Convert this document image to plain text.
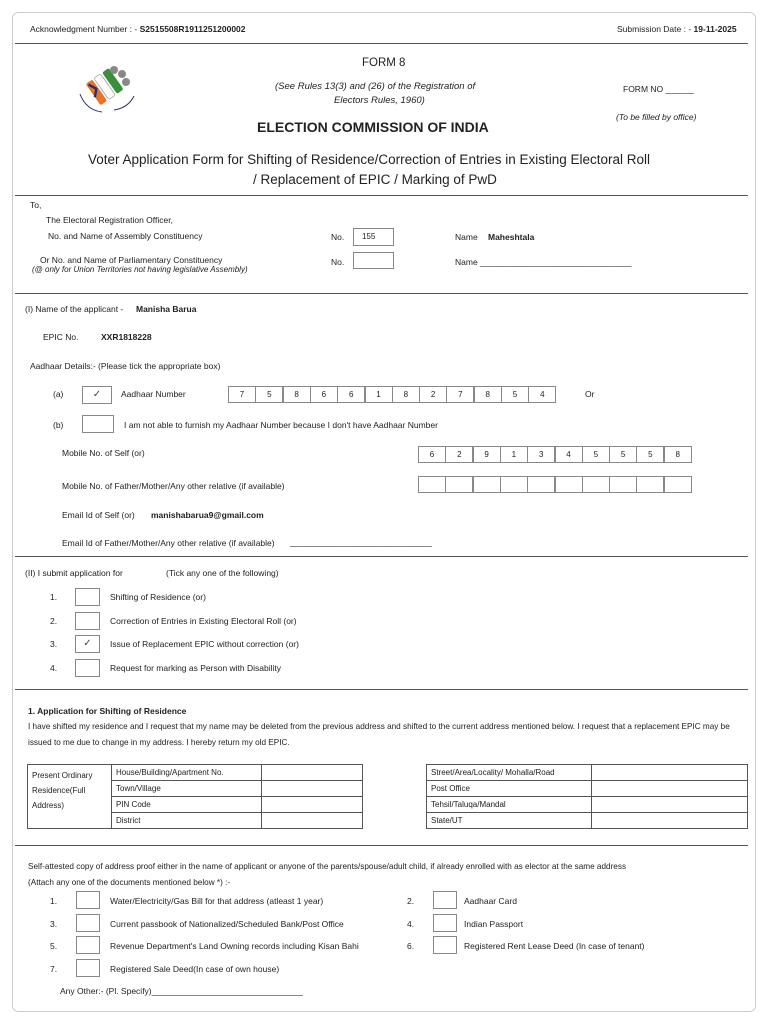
Acknowledgment Number : - S2515508R1911251200002	Submission Date : - 19-11-2025
FORM 8
(See Rules 13(3) and (26) of the Registration of
Electors Rules, 1960)
ELECTION COMMISSION OF INDIA
FORM NO ______
(To be filled by office)
Voter Application Form for Shifting of Residence/Correction of Entries in Existing Electoral Roll
/ Replacement of EPIC / Marking of PwD
To,
The Electoral Registration Officer,
No. and Name of Assembly Constituency
Or No. and Name of Parliamentary Constituency
(@ only for Union Territories not having legislative Assembly)
No.	155	Name Maheshtala
No.	Name ________________________________
(I) Name of the applicant - Manisha Barua
EPIC No.	XXR1818228
Aadhaar Details:- (Please tick the appropriate box)
(a)	✓	Aadhaar Number	7	5	8	6	6	1	8	2	7	8	5	4	Or
(b)	I am not able to furnish my Aadhaar Number because I don't have Aadhaar Number
Mobile No. of Self (or)	6	2	9	1	3	4	5	5	5	8
Mobile No. of Father/Mother/Any other relative (if available)
Email Id of Self (or) manishabarua9@gmail.com
Email Id of Father/Mother/Any other relative (if available) ______________________________
(II) I submit application for	(Tick any one of the following)
1.	Shifting of Residence (or)
2.	Correction of Entries in Existing Electoral Roll (or)
3.	✓	Issue of Replacement EPIC without correction (or)
4.	Request for marking as Person with Disability
1. Application for Shifting of Residence
I have shifted my residence and I request that my name may be deleted from the previous address and shifted to the current address mentioned below. I request that a replacement EPIC may be
issued to me due to change in my address. I hereby return my old EPIC.
Present Ordinary
Residence(Full
Address)	House/Building/Apartment No.	
	Town/Village	
	PIN Code	
	District	
Street/Area/Locality/ Mohalla/Road	
Post Office	
Tehsil/Taluqa/Mandal	
State/UT	
Self-attested copy of address proof either in the name of applicant or anyone of the parents/spouse/adult child, if already enrolled with as elector at the same address
(Attach any one of the documents mentioned below *) :-
1.	Water/Electricity/Gas Bill for that address (atleast 1 year)	2.	Aadhaar Card
3.	Current passbook of Nationalized/Scheduled Bank/Post Office	4.	Indian Passport
5.	Revenue Department's Land Owning records including Kisan Bahi	6.	Registered Rent Lease Deed (In case of tenant)
7.	Registered Sale Deed(In case of own house)
Any Other:- (Pl. Specify)________________________________
